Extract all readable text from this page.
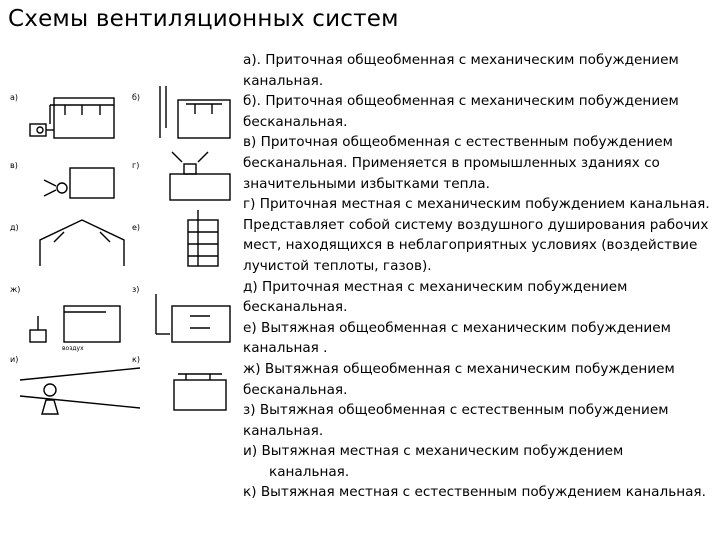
Схемы вентиляционных систем
а)	б)
в)	г)
д)	е)
ж)
воздух
з)
и)	к)

а). Приточная общеобменная с механическим побуждением канальная.

б). Приточная общеобменная с механическим побуждением бесканальная.

в) Приточная общеобменная с естественным побуждением бесканальная. Применяется в промышленных зданиях со значительными избытками тепла.

г) Приточная местная с механическим побуждением канальная. Представляет собой систему воздушного душирования рабочих мест, находящихся в неблагоприятных условиях (воздействие лучистой теплоты, газов).

д) Приточная местная с механическим побуждением бесканальная.

е) Вытяжная общеобменная с механическим побуждением канальная .

ж) Вытяжная общеобменная с механическим побуждением бесканальная.

з) Вытяжная общеобменная с естественным побуждением канальная.

и) Вытяжная местная с механическим побуждением

канальная.

к) Вытяжная местная с естественным побуждением канальная.
